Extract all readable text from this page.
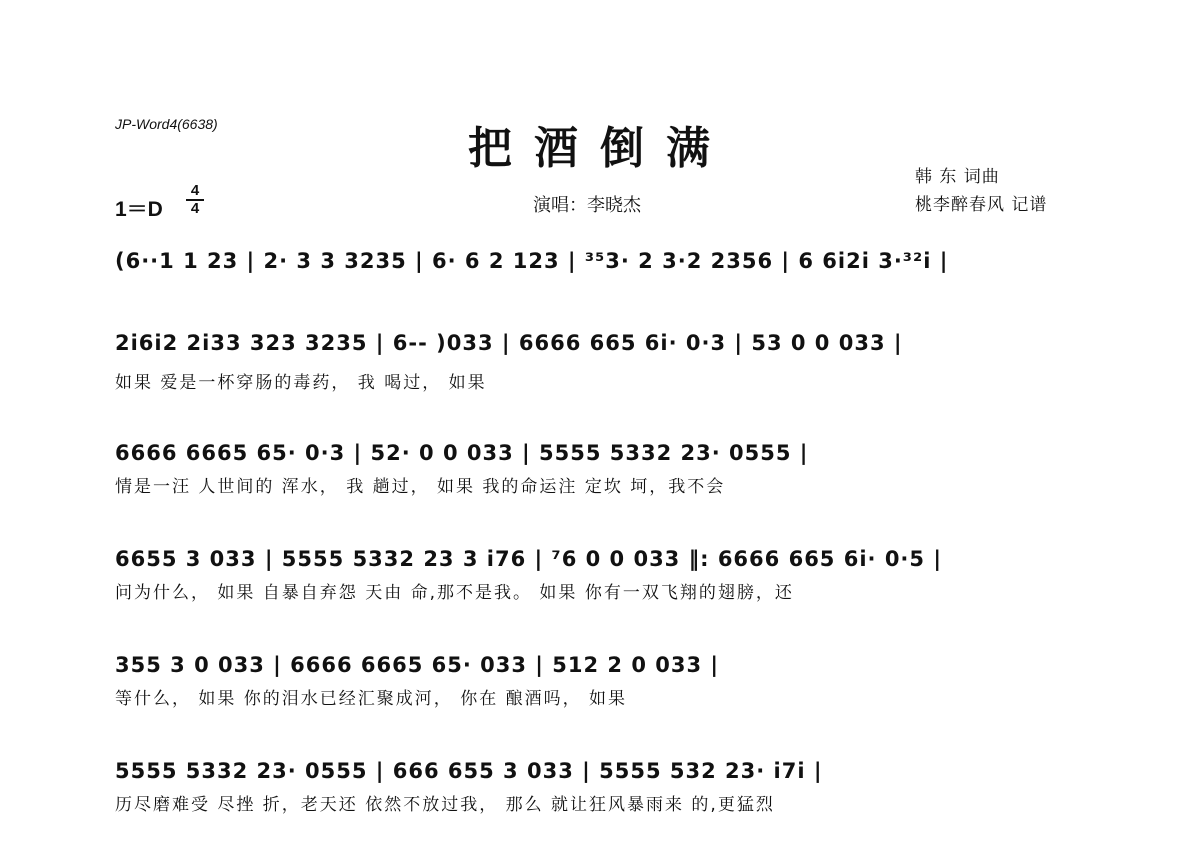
JP-Word4(6638)	把酒倒满
演唱：李晓杰
韩 东 词曲
桃李醉春风 记谱
1＝D
4
4
(6··1 1 23 | 2· 3 3 3235 | 6· 6 2 123 | ³⁵3· 2 3·2 2356 | 6 6i2i 3·³²i |
2i6i2 2i33 323 3235 | 6-- )033 | 6666 665 6i· 0·3 | 53 0 0 033 |
如果 爱是一杯穿肠的毒药， 我 喝过， 如果
6666 6665 65· 0·3 | 52· 0 0 033 | 5555 5332 23· 0555 |
情是一汪 人世间的 浑水， 我 趟过， 如果 我的命运注 定坎 坷，我不会
6655 3 033 | 5555 5332 23 3 i76 | ⁷6 0 0 033 ‖: 6666 665 6i· 0·5 |
问为什么， 如果 自暴自弃怨 天由 命,那不是我。 如果 你有一双飞翔的翅膀，还
355 3 0 033 | 6666 6665 65· 033 | 512 2 0 033 |
等什么， 如果 你的泪水已经汇聚成河， 你在 酿酒吗， 如果
5555 5332 23· 0555 | 666 655 3 033 | 5555 532 23· i7i |
历尽磨难受 尽挫 折，老天还 依然不放过我， 那么 就让狂风暴雨来 的,更猛烈
